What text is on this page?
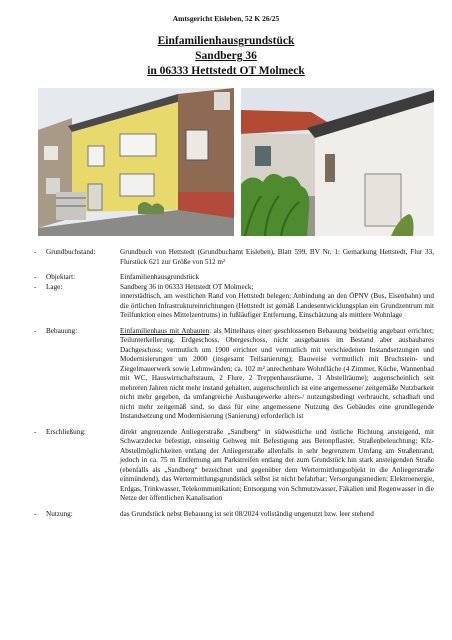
Amtsgericht Eisleben, 52 K 26/25
Einfamilienhausgrundstück
Sandberg 36
in 06333 Hettstedt OT Molmeck
-	Grundbuchstand:	Grundbuch von Hettstedt (Grundbuchamt Eisleben), Blatt 599, BV Nr. 1: Gemarkung Hettstedt, Flur 33, Flurstück 621 zur Größe von 512 m²
-	Objektart:	Einfamilienhausgrundstück
-	Lage:	Sandberg 36 in 06333 Hettstedt OT Molmeck;
innerstädtisch, am westlichen Rand von Hettstedt belegen; Anbindung an den ÖPNV (Bus, Eisenbahn) und die örtlichen Infrastruktureinrichtungen (Hettstedt ist gemäß Landesentwicklungsplan ein Grundzentrum mit Teilfunktion eines Mittelzentrums) in fußläufiger Entfernung, Einschätzung als mittlere Wohnlage
-	Bebauung:	Einfamilienhaus mit Anbauten: als Mittelhaus einer geschlossenen Bebauung beidseitig angebaut errichtet; Teilunterkellerung, Erdgeschoss, Obergeschoss, nicht ausgebautes im Bestand aber ausbaubares Dachgeschoss; vermutlich um 1900 errichtet und vermutlich mit verschiedenen Instandsetzungen und Modernisierungen um 2000 (insgesamt Teilsanierung); Bauweise vermutlich mit Bruchstein- und Ziegelmauerwerk sowie Lehmwänden; ca. 102 m² anrechenbare Wohnfläche (4 Zimmer, Küche, Wannenbad mit WC, Hauswirtschaftsraum, 2 Flure, 2 Treppenhausräume, 3 Abstellräume); augenscheinlich seit mehreren Jahren nicht mehr instand gehalten, augenscheinlich ist eine angemessene/ zeitgemäße Nutzbarkeit nicht mehr gegeben, da umfangreiche Ausbaugewerke alters-/ nutzungsbedingt verbraucht, schadhaft und nicht mehr zeitgemäß sind, so dass für eine angemessene Nutzung des Gebäudes eine grundlegende Instandsetzung und Modernisierung (Sanierung) erforderlich ist
-	Erschließung:	direkt angrenzende Anliegerstraße „Sandberg“ in südwestliche und östliche Richtung ansteigend, mit Schwarzdecke befestigt, einseitig Gehweg mit Befestigung aus Betonpflaster, Straßenbeleuchtung; Kfz-Abstellmöglichkeiten entlang der Anliegerstraße allenfalls in sehr begrenztem Umfang am Straßenrand, jedoch in ca. 75 m Entfernung am Parkstreifen entlang der zum Grundstück hin stark ansteigenden Straße (ebenfalls als „Sandberg“ bezeichnet und gegenüber dem Wertermittlungsobjekt in die Anliegerstraße einmündend), das Wertermittlungsgrundstück selbst ist nicht befahrbar; Versorgungsmedien: Elektroenergie, Erdgas, Trinkwasser, Telekommunikation; Entsorgung von Schmutzwasser, Fäkalien und Regenwasser in die Netze der öffentlichen Kanalisation
-	Nutzung:	das Grundstück nebst Bebauung ist seit 08/2024 vollständig ungenutzt bzw. leer stehend
